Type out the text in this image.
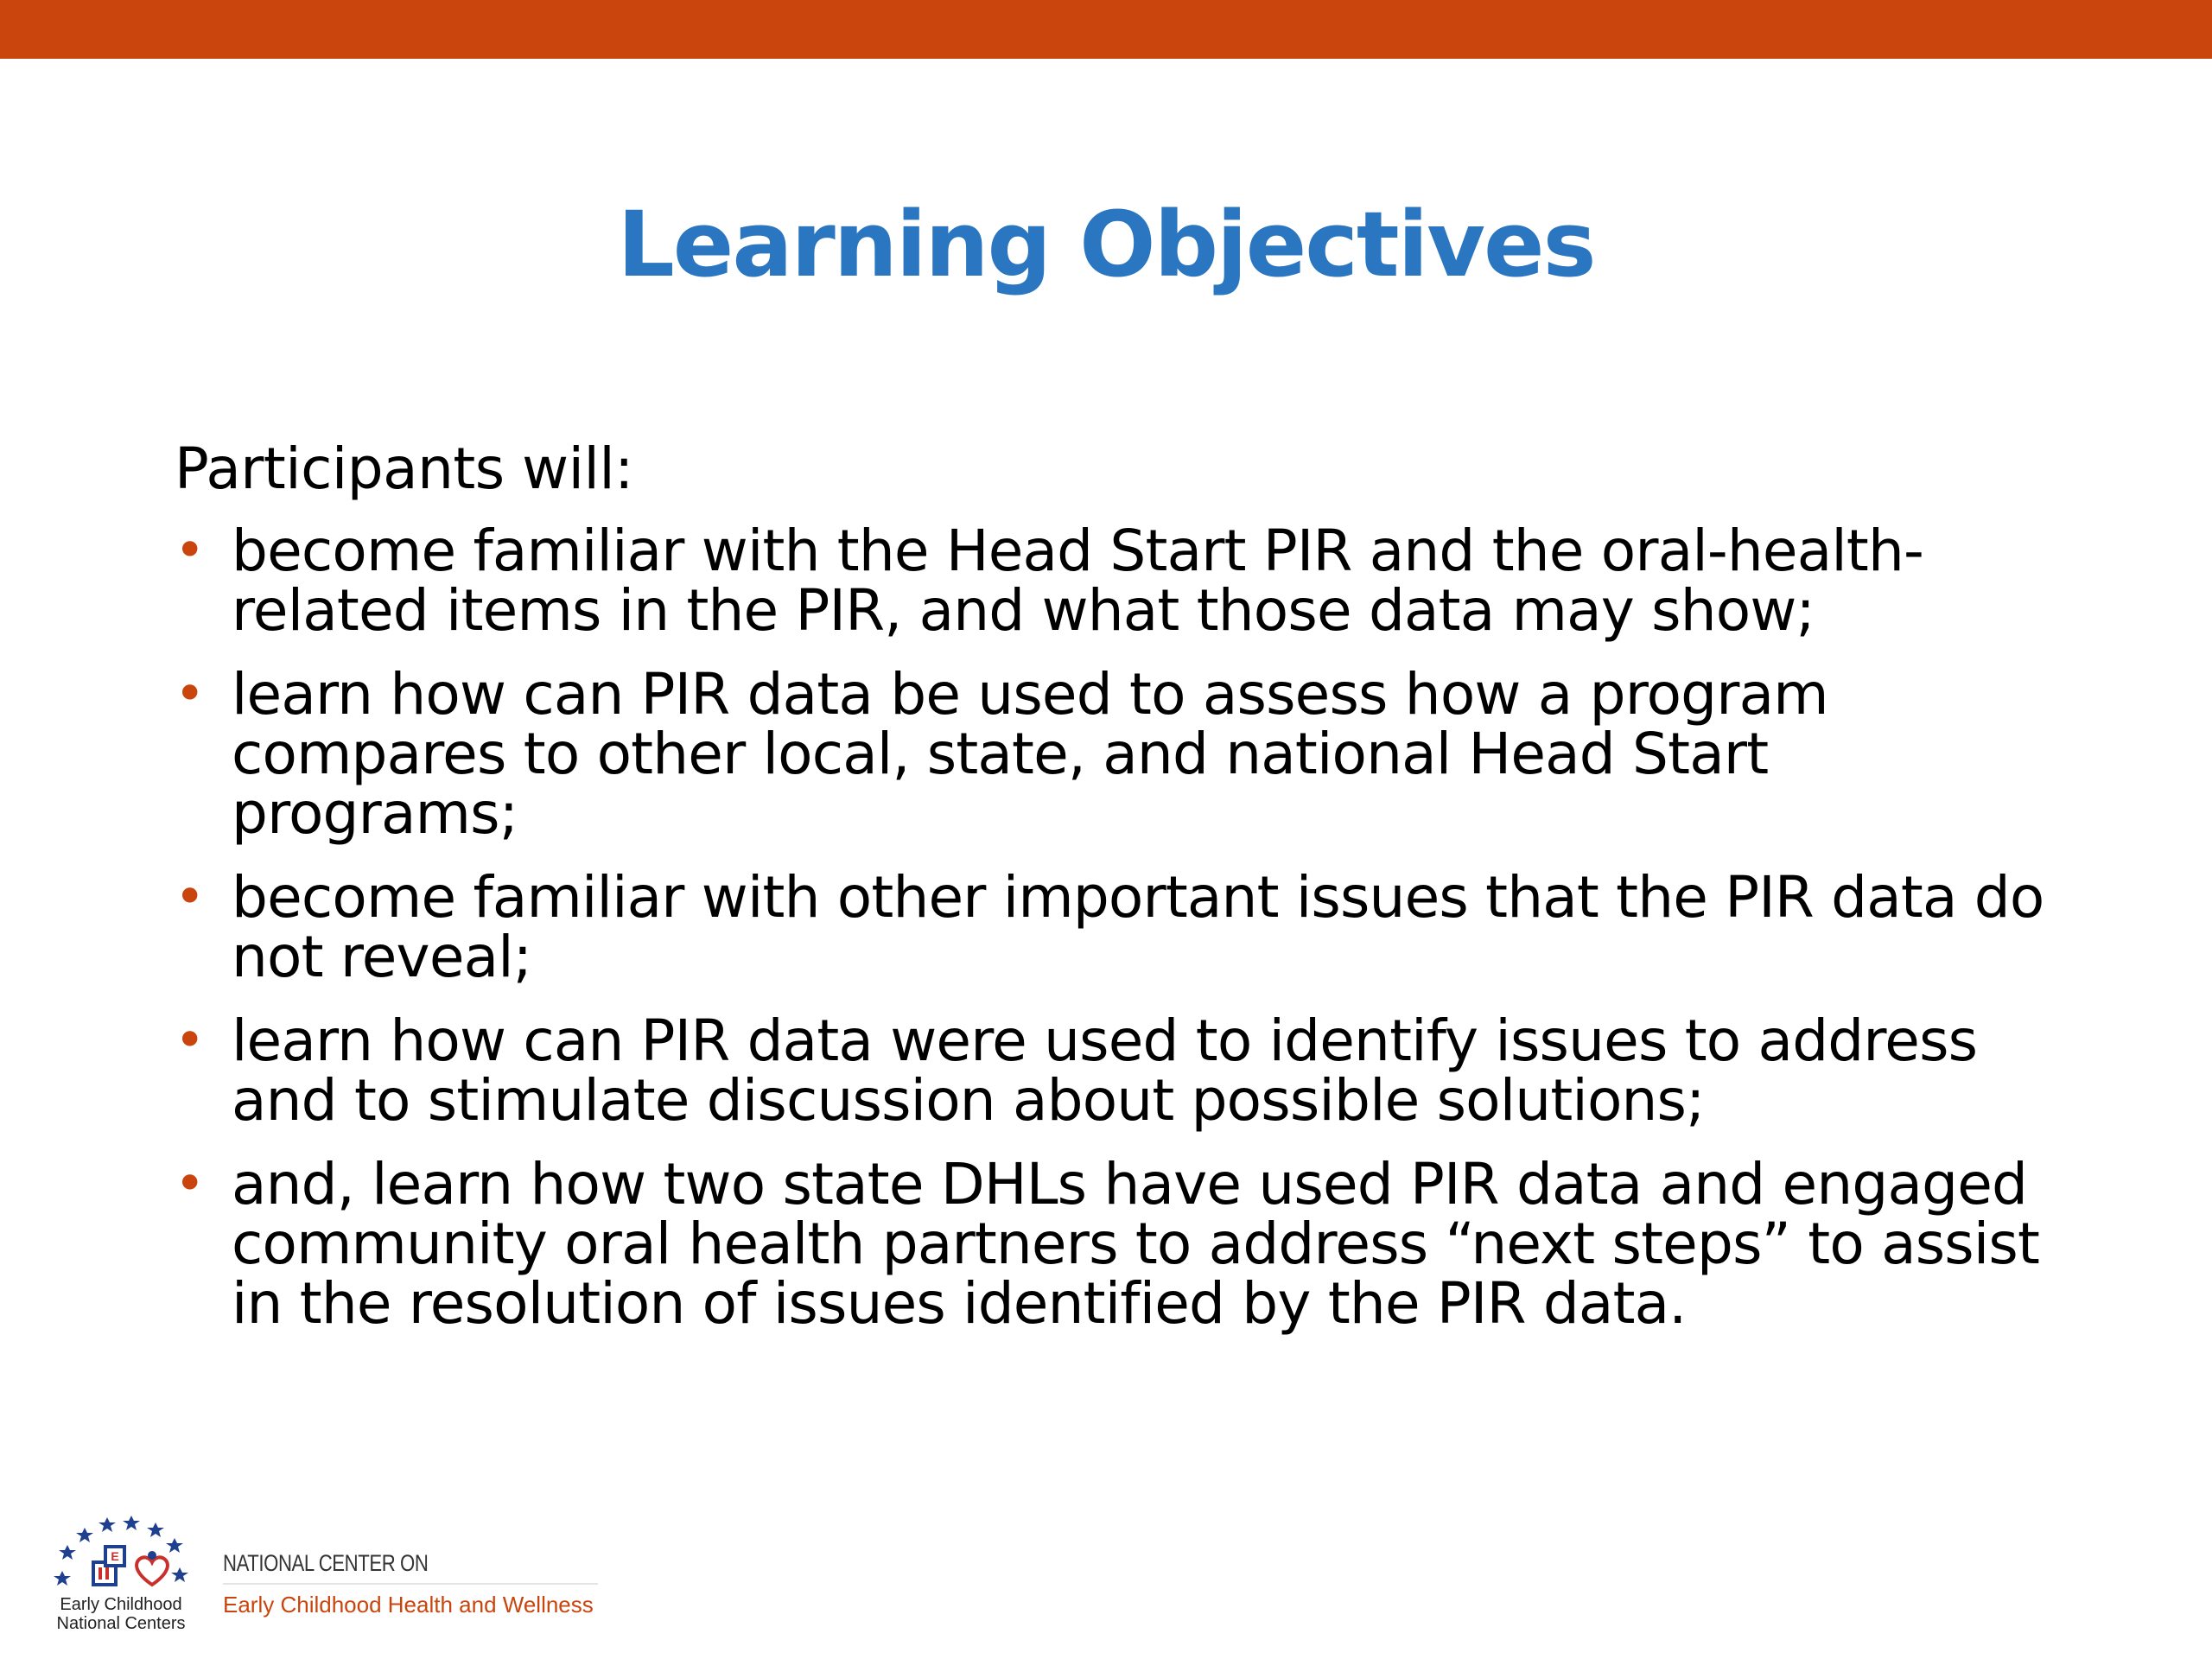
Learning Objectives
Participants will:
• become familiar with the Head Start PIR and the oral-health-related items in the PIR, and what those data may show;
• learn how can PIR data be used to assess how a program compares to other local, state, and national Head Start programs;
• become familiar with other important issues that the PIR data do not reveal;
• learn how can PIR data were used to identify issues to address and to stimulate discussion about possible solutions;
• and, learn how two state DHLs have used PIR data and engaged community oral health partners to address “next steps” to assist in the resolution of issues identified by the PIR data.
E
Early Childhood
National Centers
NATIONAL CENTER ON
Early Childhood Health and Wellness
